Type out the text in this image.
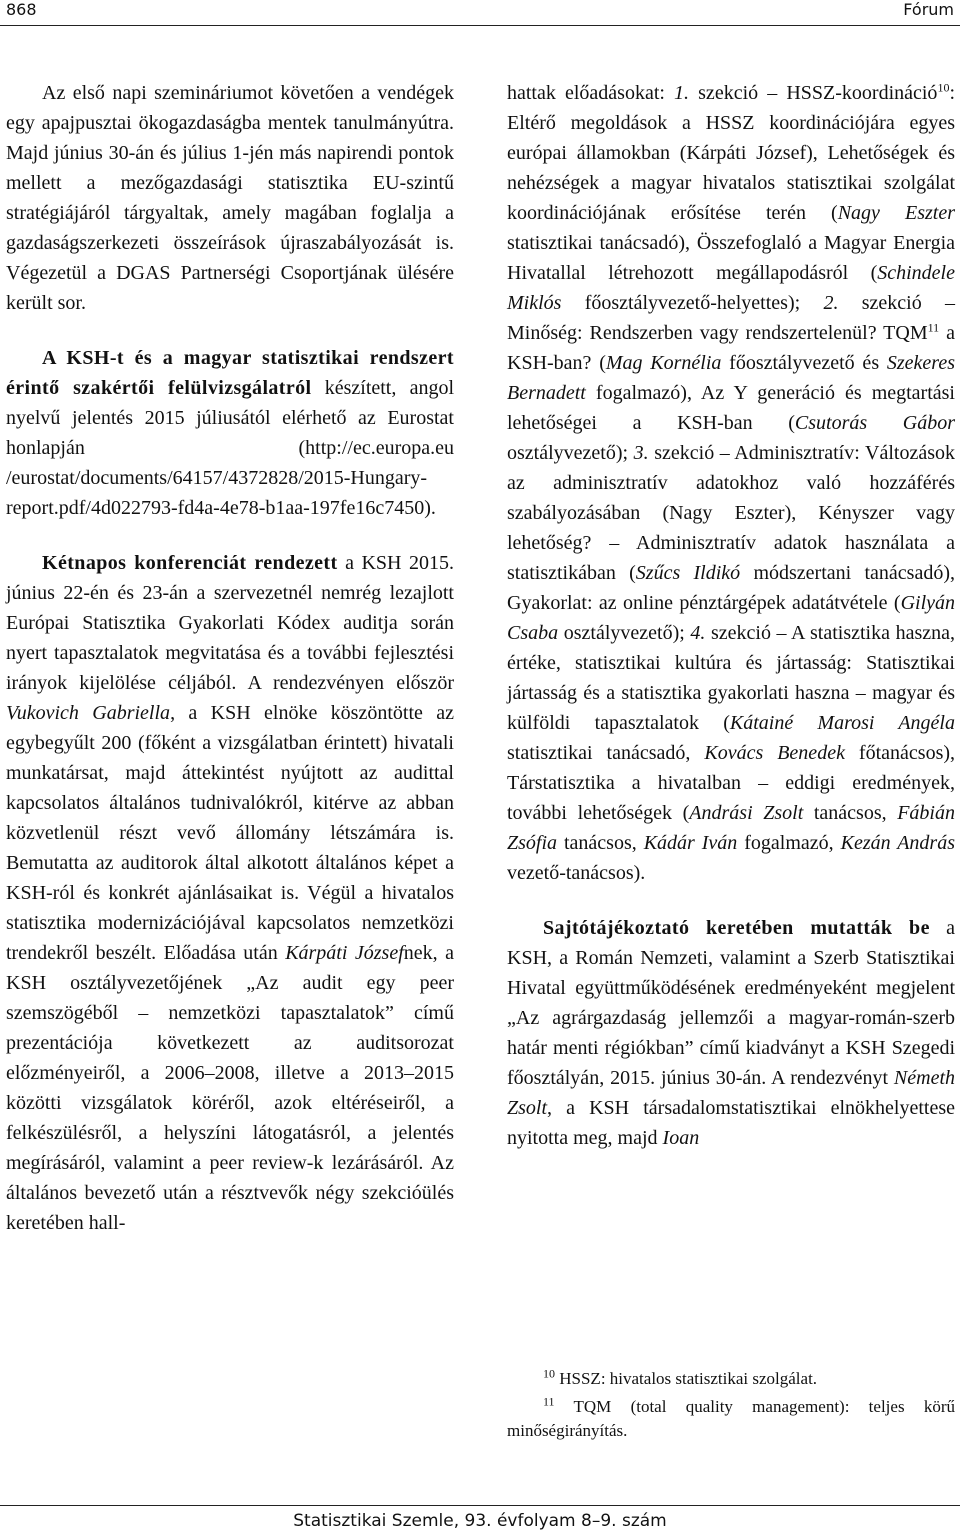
868	Fórum

Az első napi szemináriumot követően a vendégek egy apajpusztai ökogazdaságba mentek tanulmányútra. Majd június 30-án és július 1-jén más napirendi pontok mellett a mezőgazdasági statisztika EU-szintű stratégiájáról tárgyaltak, amely magában foglalja a gazdaságszerkezeti összeírások újraszabályozását is. Végezetül a DGAS Partnerségi Csoportjának ülésére került sor.

A KSH-t és a magyar statisztikai rendszert érintő szakértői felülvizsgálatról készített, angol nyelvű jelentés 2015 júliusától elérhető az Eurostat honlapján (http://ec.europa.eu /eurostat/documents/64157/4372828/2015-Hungary-report.pdf/4d022793-fd4a-4e78-b1aa-197fe16c7450).

Kétnapos konferenciát rendezett a KSH 2015. június 22-én és 23-án a szervezetnél nemrég lezajlott Európai Statisztika Gyakorlati Kódex auditja során nyert tapasztalatok megvitatása és a további fejlesztési irányok kijelölése céljából. A rendezvényen először Vukovich Gabriella, a KSH elnöke köszöntötte az egybegyűlt 200 (főként a vizsgálatban érintett) hivatali munkatársat, majd áttekintést nyújtott az audittal kapcsolatos általános tudnivalókról, kitérve az abban közvetlenül részt vevő állomány létszámára is. Bemutatta az auditorok által alkotott általános képet a KSH-ról és konkrét ajánlásaikat is. Végül a hivatalos statisztika modernizációjával kapcsolatos nemzetközi trendekről beszélt. Előadása után Kárpáti Józsefnek, a KSH osztályvezetőjének „Az audit egy peer szemszögéből – nemzetközi tapasztalatok” című prezentációja következett az auditsorozat előzményeiről, a 2006–2008, illetve a 2013–2015 közötti vizsgálatok köréről, azok eltéréseiről, a felkészülésről, a helyszíni látogatásról, a jelentés megírásáról, valamint a peer review-k lezárásáról. Az általános bevezető után a résztvevők négy szekcióülés keretében hall-

hattak előadásokat: 1. szekció – HSSZ-koordináció$^{10}$: Eltérő megoldások a HSSZ koordinációjára egyes európai államokban (Kárpáti József), Lehetőségek és nehézségek a magyar hivatalos statisztikai szolgálat koordinációjának erősítése terén (Nagy Eszter statisztikai tanácsadó), Összefoglaló a Magyar Energia Hivatallal létrehozott megállapodásról (Schindele Miklós főosztályvezető-helyettes); 2. szekció – Minőség: Rendszerben vagy rendszertelenül? TQM$^{11}$ a KSH-ban? (Mag Kornélia főosztályvezető és Szekeres Bernadett fogalmazó), Az Y generáció és megtartási lehetőségei a KSH-ban (Csutorás Gábor osztályvezető); 3. szekció – Adminisztratív: Változások az adminisztratív adatokhoz való hozzáférés szabályozásában (Nagy Eszter), Kényszer vagy lehetőség? – Adminisztratív adatok használata a statisztikában (Szűcs Ildikó módszertani tanácsadó), Gyakorlat: az online pénztárgépek adatátvétele (Gilyán Csaba osztályvezető); 4. szekció – A statisztika haszna, értéke, statisztikai kultúra és jártasság: Statisztikai jártasság és a statisztika gyakorlati haszna – magyar és külföldi tapasztalatok (Kátainé Marosi Angéla statisztikai tanácsadó, Kovács Benedek főtanácsos), Társtatisztika a hivatalban – eddigi eredmények, további lehetőségek (Andrási Zsolt tanácsos, Fábián Zsófia tanácsos, Kádár Iván fogalmazó, Kezán András vezető-tanácsos).

Sajtótájékoztató keretében mutatták be a KSH, a Román Nemzeti, valamint a Szerb Statisztikai Hivatal együttműködésének eredményeként megjelent „Az agrárgazdaság jellemzői a magyar-román-szerb határ menti régiókban” című kiadványt a KSH Szegedi főosztályán, 2015. június 30-án. A rendezvényt Németh Zsolt, a KSH társadalomstatisztikai elnökhelyettese nyitotta meg, majd Ioan

$^{10}$ HSSZ: hivatalos statisztikai szolgálat.

$^{11}$ TQM (total quality management): teljes körű minőségirányítás.

Statisztikai Szemle, 93. évfolyam 8–9. szám
